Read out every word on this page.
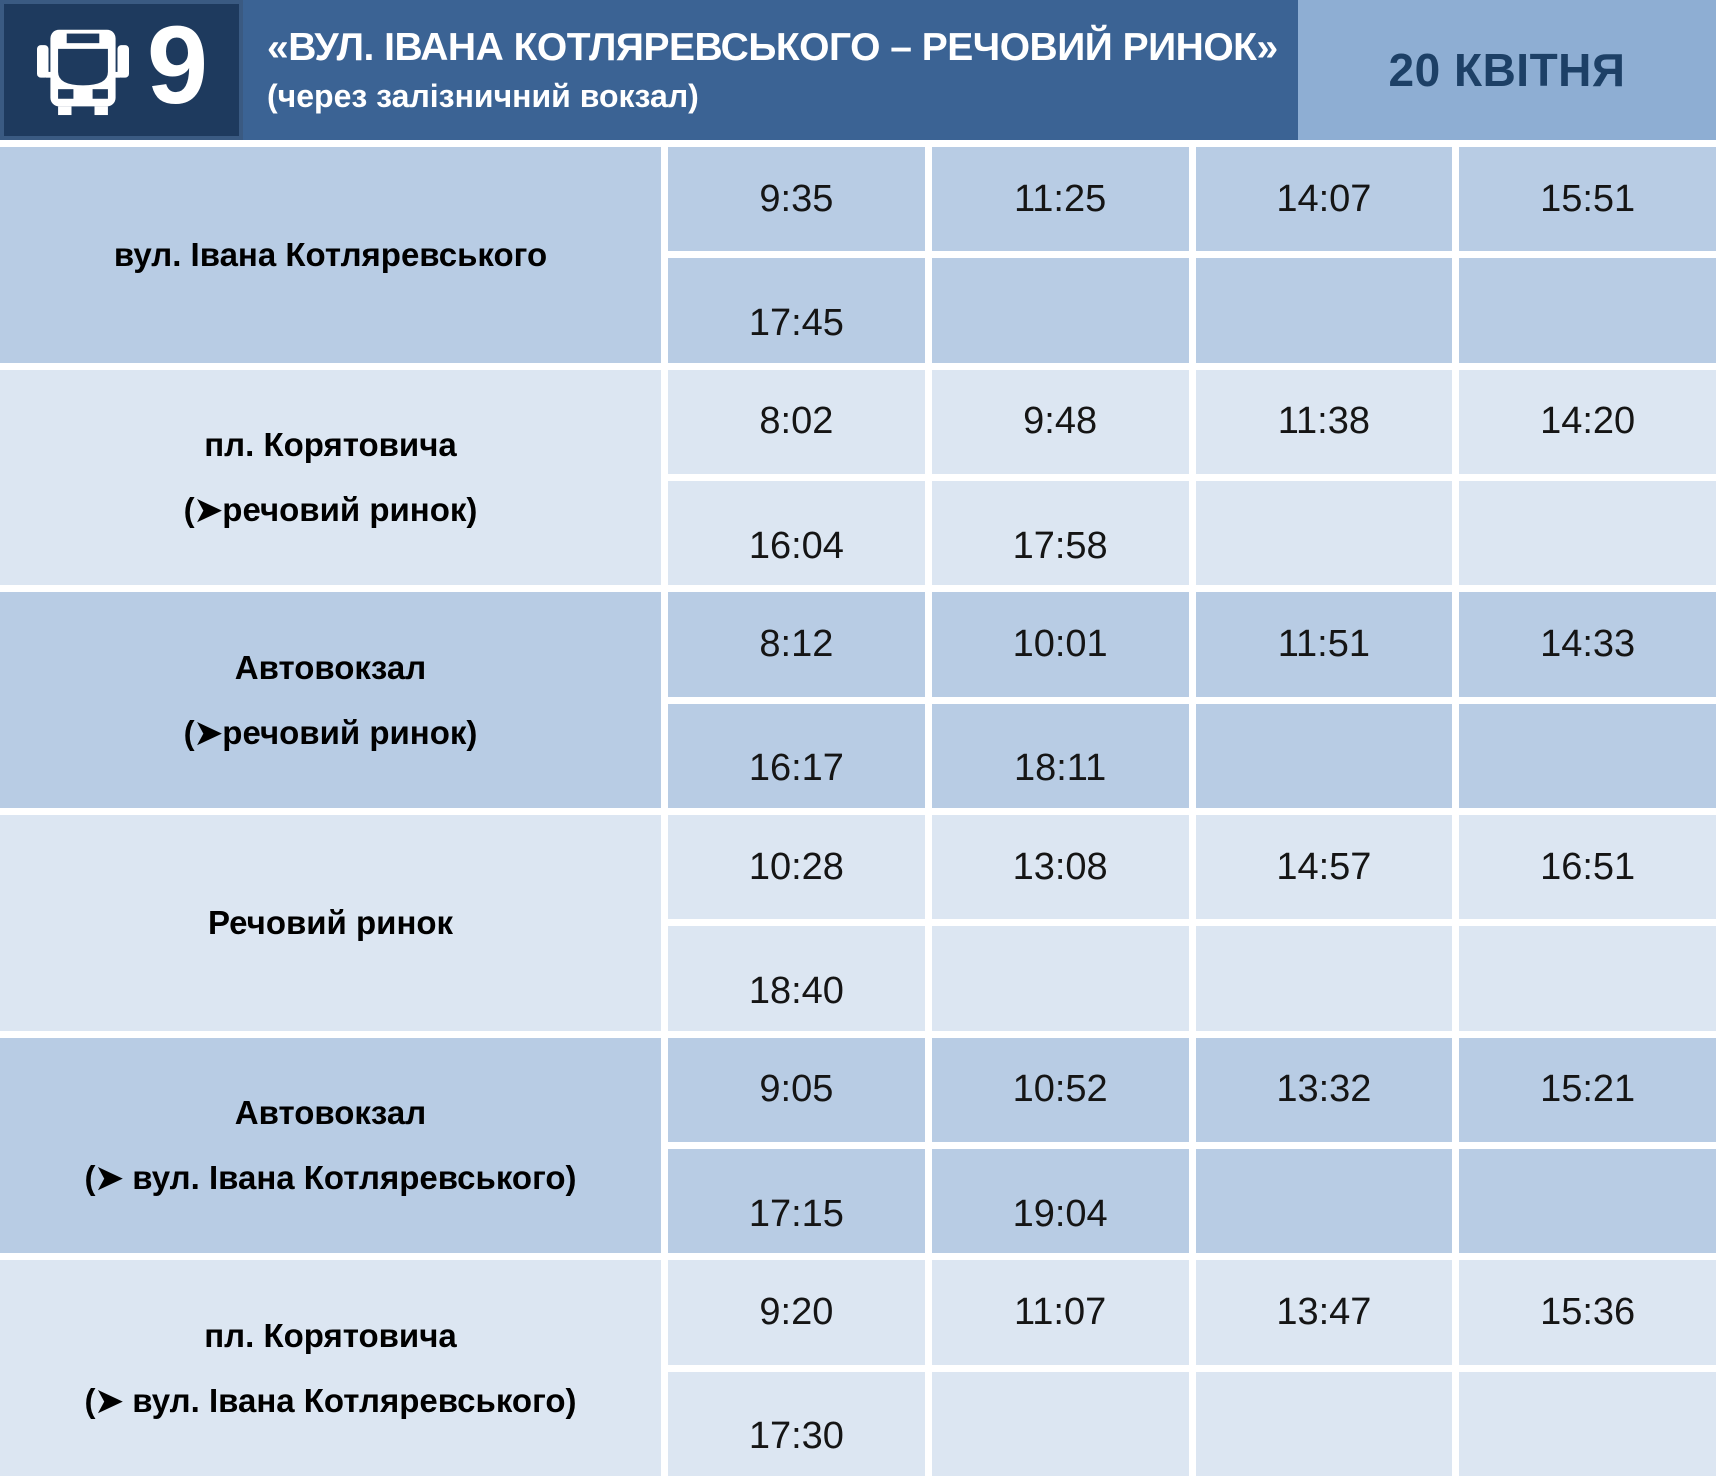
9 «ВУЛ. ІВАНА КОТЛЯРЕВСЬКОГО – РЕЧОВИЙ РИНОК»
(через залізничний вокзал)	20 КВІТНЯ
вул. Івана Котляревського
9:35	11:25	14:07	15:51
17:45
пл. Корятовича
(➤речовий ринок)
8:02	9:48	11:38	14:20
16:04	17:58
Автовокзал
(➤речовий ринок)
8:12	10:01	11:51	14:33
16:17	18:11
Речовий ринок
10:28	13:08	14:57	16:51
18:40
Автовокзал
(➤ вул. Івана Котляревського)
9:05	10:52	13:32	15:21
17:15	19:04
пл. Корятовича
(➤ вул. Івана Котляревського)
9:20	11:07	13:47	15:36
17:30
